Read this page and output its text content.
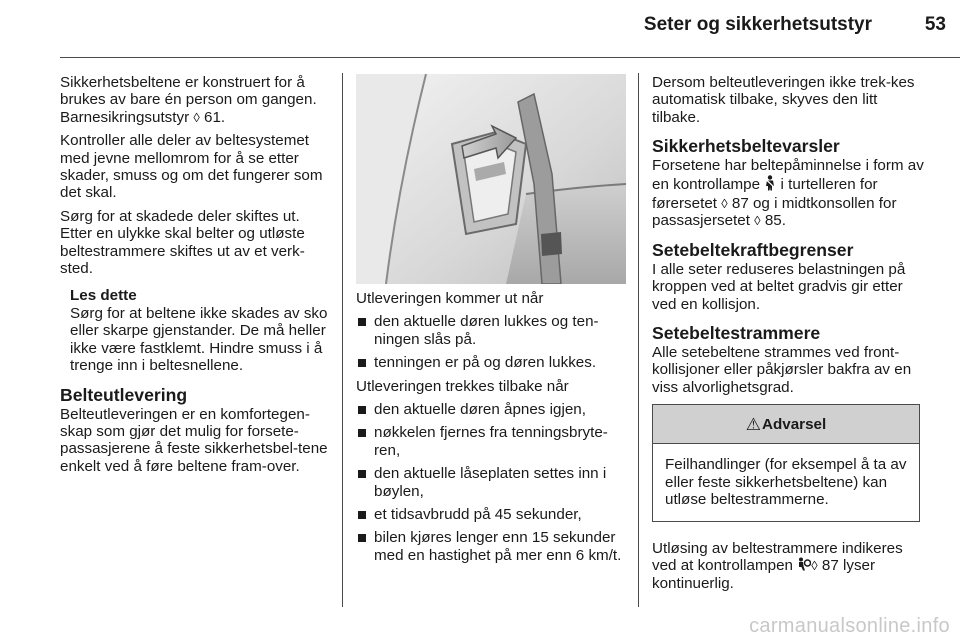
Seter og sikkerhetsutstyr	53

Sikkerhetsbeltene er konstruert for å brukes av bare én person om gangen. Barnesikringsutstyr ◊ 61.

Kontroller alle deler av beltesystemet med jevne mellomrom for å se etter skader, smuss og om det fungerer som det skal.

Sørg for at skadede deler skiftes ut. Etter en ulykke skal belter og utløste beltestrammere skiftes ut av et verk-sted.

Les dette
Sørg for at beltene ikke skades av sko eller skarpe gjenstander. De må heller ikke være fastklemt. Hindre smuss i å trenge inn i beltesnellene.
Belteutlevering

Belteutleveringen er en komfortegen-skap som gjør det mulig for forsete-passasjerene å feste sikkerhetsbel-tene enkelt ved å føre beltene fram-over.

Utleveringen kommer ut når

den aktuelle døren lukkes og ten-ningen slås på.
tenningen er på og døren lukkes.

Utleveringen trekkes tilbake når

den aktuelle døren åpnes igjen,
nøkkelen fjernes fra tenningsbryte-ren,
den aktuelle låseplaten settes inn i bøylen,
et tidsavbrudd på 45 sekunder,
bilen kjøres lenger enn 15 sekunder med en hastighet på mer enn 6 km/t.

Dersom belteutleveringen ikke trek-kes automatisk tilbake, skyves den litt tilbake.

Sikkerhetsbeltevarsler

Forsetene har beltepåminnelse i form av en kontrollampe  i turtelleren for førersetet ◊ 87 og i midtkonsollen for passasjersetet ◊ 85.

Setebeltekraftbegrenser

I alle seter reduseres belastningen på kroppen ved at beltet gradvis gir etter ved en kollisjon.

Setebeltestrammere

Alle setebeltene strammes ved front-kollisjoner eller påkjørsler bakfra av en viss alvorlighetsgrad.

⚠ Advarsel
Feilhandlinger (for eksempel å ta av eller feste sikkerhetsbeltene) kan utløse beltestrammerne.

Utløsing av beltestrammere indikeres ved at kontrollampen ◊ 87 lyser kontinuerlig.

carmanualsonline.info
